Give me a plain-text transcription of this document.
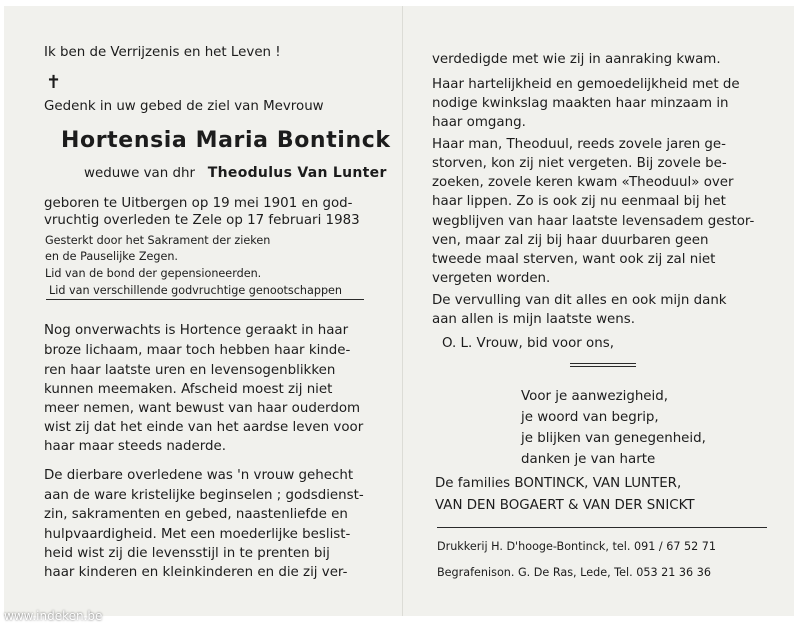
Ik ben de Verrijzenis en het Leven !
✝
Gedenk in uw gebed de ziel van Mevrouw
Hortensia Maria Bontinck
weduwe van dhr Theodulus Van Lunter
geboren te Uitbergen op 19 mei 1901 en god-
vruchtig overleden te Zele op 17 februari 1983
Gesterkt door het Sakrament der zieken
en de Pauselijke Zegen.
Lid van de bond der gepensioneerden.
Lid van verschillende godvruchtige genootschappen
Nog onverwachts is Hortence geraakt in haar
broze lichaam, maar toch hebben haar kinde-
ren haar laatste uren en levensogenblikken
kunnen meemaken. Afscheid moest zij niet
meer nemen, want bewust van haar ouderdom
wist zij dat het einde van het aardse leven voor
haar maar steeds naderde.
De dierbare overledene was 'n vrouw gehecht
aan de ware kristelijke beginselen ; godsdienst-
zin, sakramenten en gebed, naastenliefde en
hulpvaardigheid. Met een moederlijke beslist-
heid wist zij die levensstijl in te prenten bij
haar kinderen en kleinkinderen en die zij ver-
verdedigde met wie zij in aanraking kwam.
Haar hartelijkheid en gemoedelijkheid met de
nodige kwinkslag maakten haar minzaam in
haar omgang.
Haar man, Theoduul, reeds zovele jaren ge-
storven, kon zij niet vergeten. Bij zovele be-
zoeken, zovele keren kwam «Theoduul» over
haar lippen. Zo is ook zij nu eenmaal bij het
wegblijven van haar laatste levensadem gestor-
ven, maar zal zij bij haar duurbaren geen
tweede maal sterven, want ook zij zal niet
vergeten worden.
De vervulling van dit alles en ook mijn dank
aan allen is mijn laatste wens.
O. L. Vrouw, bid voor ons,
Voor je aanwezigheid,
je woord van begrip,
je blijken van genegenheid,
danken je van harte
De families BONTINCK, VAN LUNTER,
VAN DEN BOGAERT & VAN DER SNICKT
Drukkerij H. D'hooge-Bontinck, tel. 091 / 67 52 71
Begrafenison. G. De Ras, Lede, Tel. 053 21 36 36
www.indeken.be
